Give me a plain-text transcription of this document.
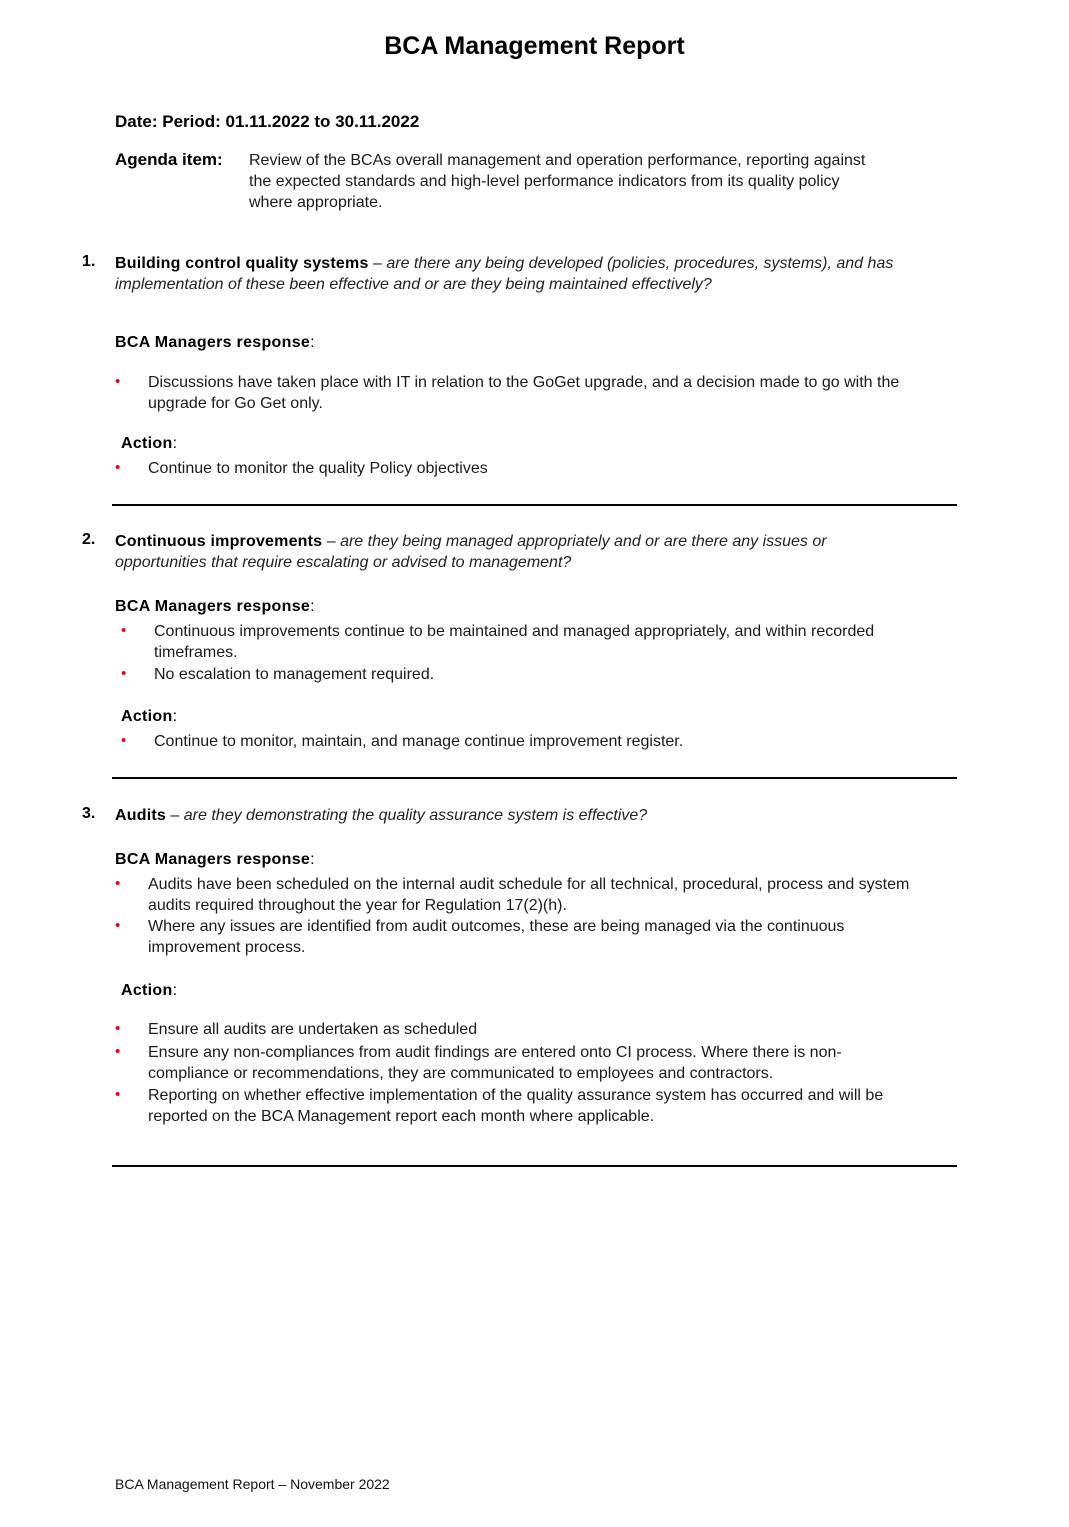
BCA Management Report
Date: Period: 01.11.2022 to 30.11.2022
Agenda item: Review of the BCAs overall management and operation performance, reporting against the expected standards and high-level performance indicators from its quality policy where appropriate.
1. Building control quality systems – are there any being developed (policies, procedures, systems), and has implementation of these been effective and or are they being maintained effectively?
BCA Managers response:
•	Discussions have taken place with IT in relation to the GoGet upgrade, and a decision made to go with the upgrade for Go Get only.
Action:
•	Continue to monitor the quality Policy objectives
2. Continuous improvements – are they being managed appropriately and or are there any issues or opportunities that require escalating or advised to management?
BCA Managers response:
•	Continuous improvements continue to be maintained and managed appropriately, and within recorded timeframes.
•	No escalation to management required.
Action:
•	Continue to monitor, maintain, and manage continue improvement register.
3. Audits – are they demonstrating the quality assurance system is effective?
BCA Managers response:
•	Audits have been scheduled on the internal audit schedule for all technical, procedural, process and system audits required throughout the year for Regulation 17(2)(h).
•	Where any issues are identified from audit outcomes, these are being managed via the continuous improvement process.
Action:
•	Ensure all audits are undertaken as scheduled
•	Ensure any non-compliances from audit findings are entered onto CI process. Where there is non-compliance or recommendations, they are communicated to employees and contractors.
•	Reporting on whether effective implementation of the quality assurance system has occurred and will be reported on the BCA Management report each month where applicable.
BCA Management Report – November 2022
